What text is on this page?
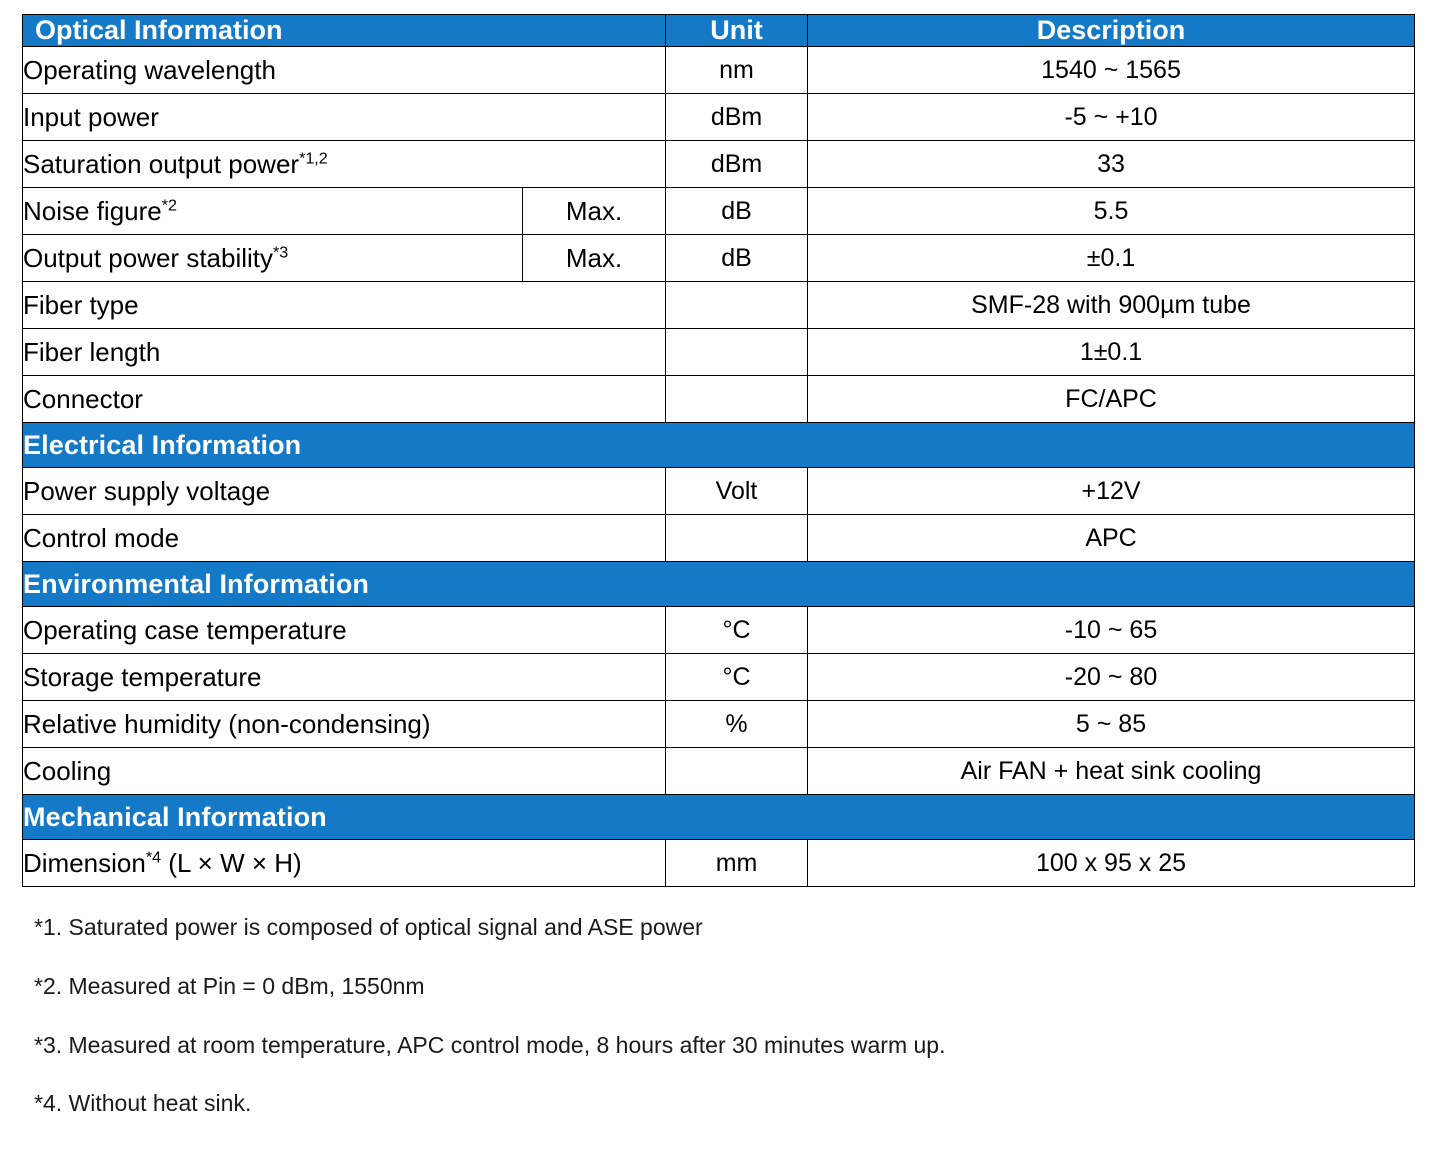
Optical Information		Unit	Description
Operating wavelength		nm	1540 ~ 1565
Input power		dBm	-5 ~ +10
Saturation output power$^{*1,2}$		dBm	33
Noise figure$^{*2}$	Max.	dB	5.5
Output power stability$^{*3}$	Max.	dB	±0.1
Fiber type			SMF-28 with 900µm tube
Fiber length			1±0.1
Connector			FC/APC
Electrical Information			
Power supply voltage		Volt	+12V
Control mode			APC
Environmental Information			
Operating case temperature		°C	-10 ~ 65
Storage temperature		°C	-20 ~ 80
Relative humidity (non-condensing)		%	5 ~ 85
Cooling			Air FAN + heat sink cooling
Mechanical Information			
Dimension$^{*4}$ (L × W × H)		mm	100 x 95 x 25
*1. Saturated power is composed of optical signal and ASE power
*2. Measured at Pin = 0 dBm, 1550nm
*3. Measured at room temperature, APC control mode, 8 hours after 30 minutes warm up.
*4. Without heat sink.
